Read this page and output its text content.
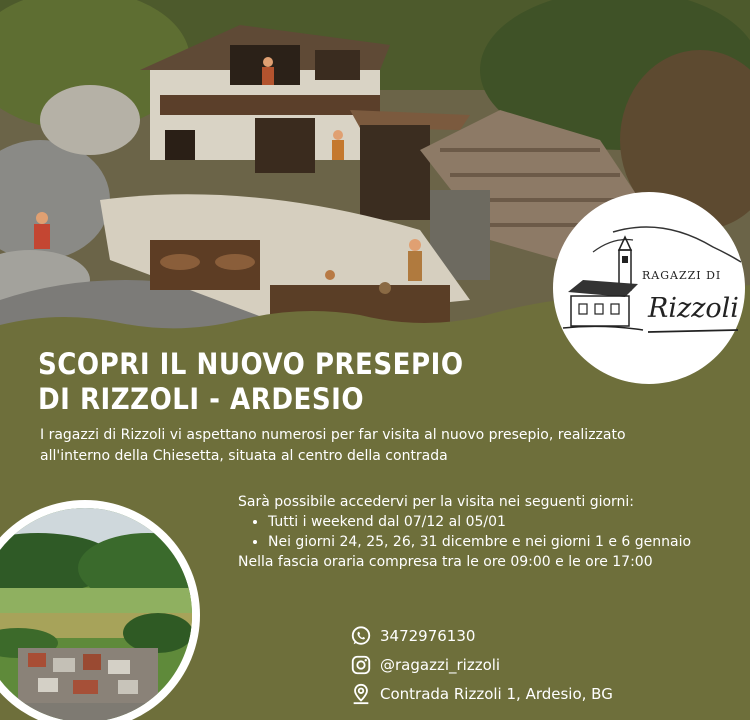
RAGAZZI DI
Rizzoli
SCOPRI IL NUOVO PRESEPIO
DI RIZZOLI - ARDESIO

I ragazzi di Rizzoli vi aspettano numerosi per far visita al nuovo presepio, realizzato all'interno della Chiesetta, situata al centro della contrada

Sarà possibile accedervi per la visita nei seguenti giorni:

• Tutti i weekend dal 07/12 al 05/01
• Nei giorni 24, 25, 26, 31 dicembre e nei giorni 1 e 6 gennaio

Nella fascia oraria compresa tra le ore 09:00 e le ore 17:00

3472976130
@ragazzi_rizzoli
Contrada Rizzoli 1, Ardesio, BG
